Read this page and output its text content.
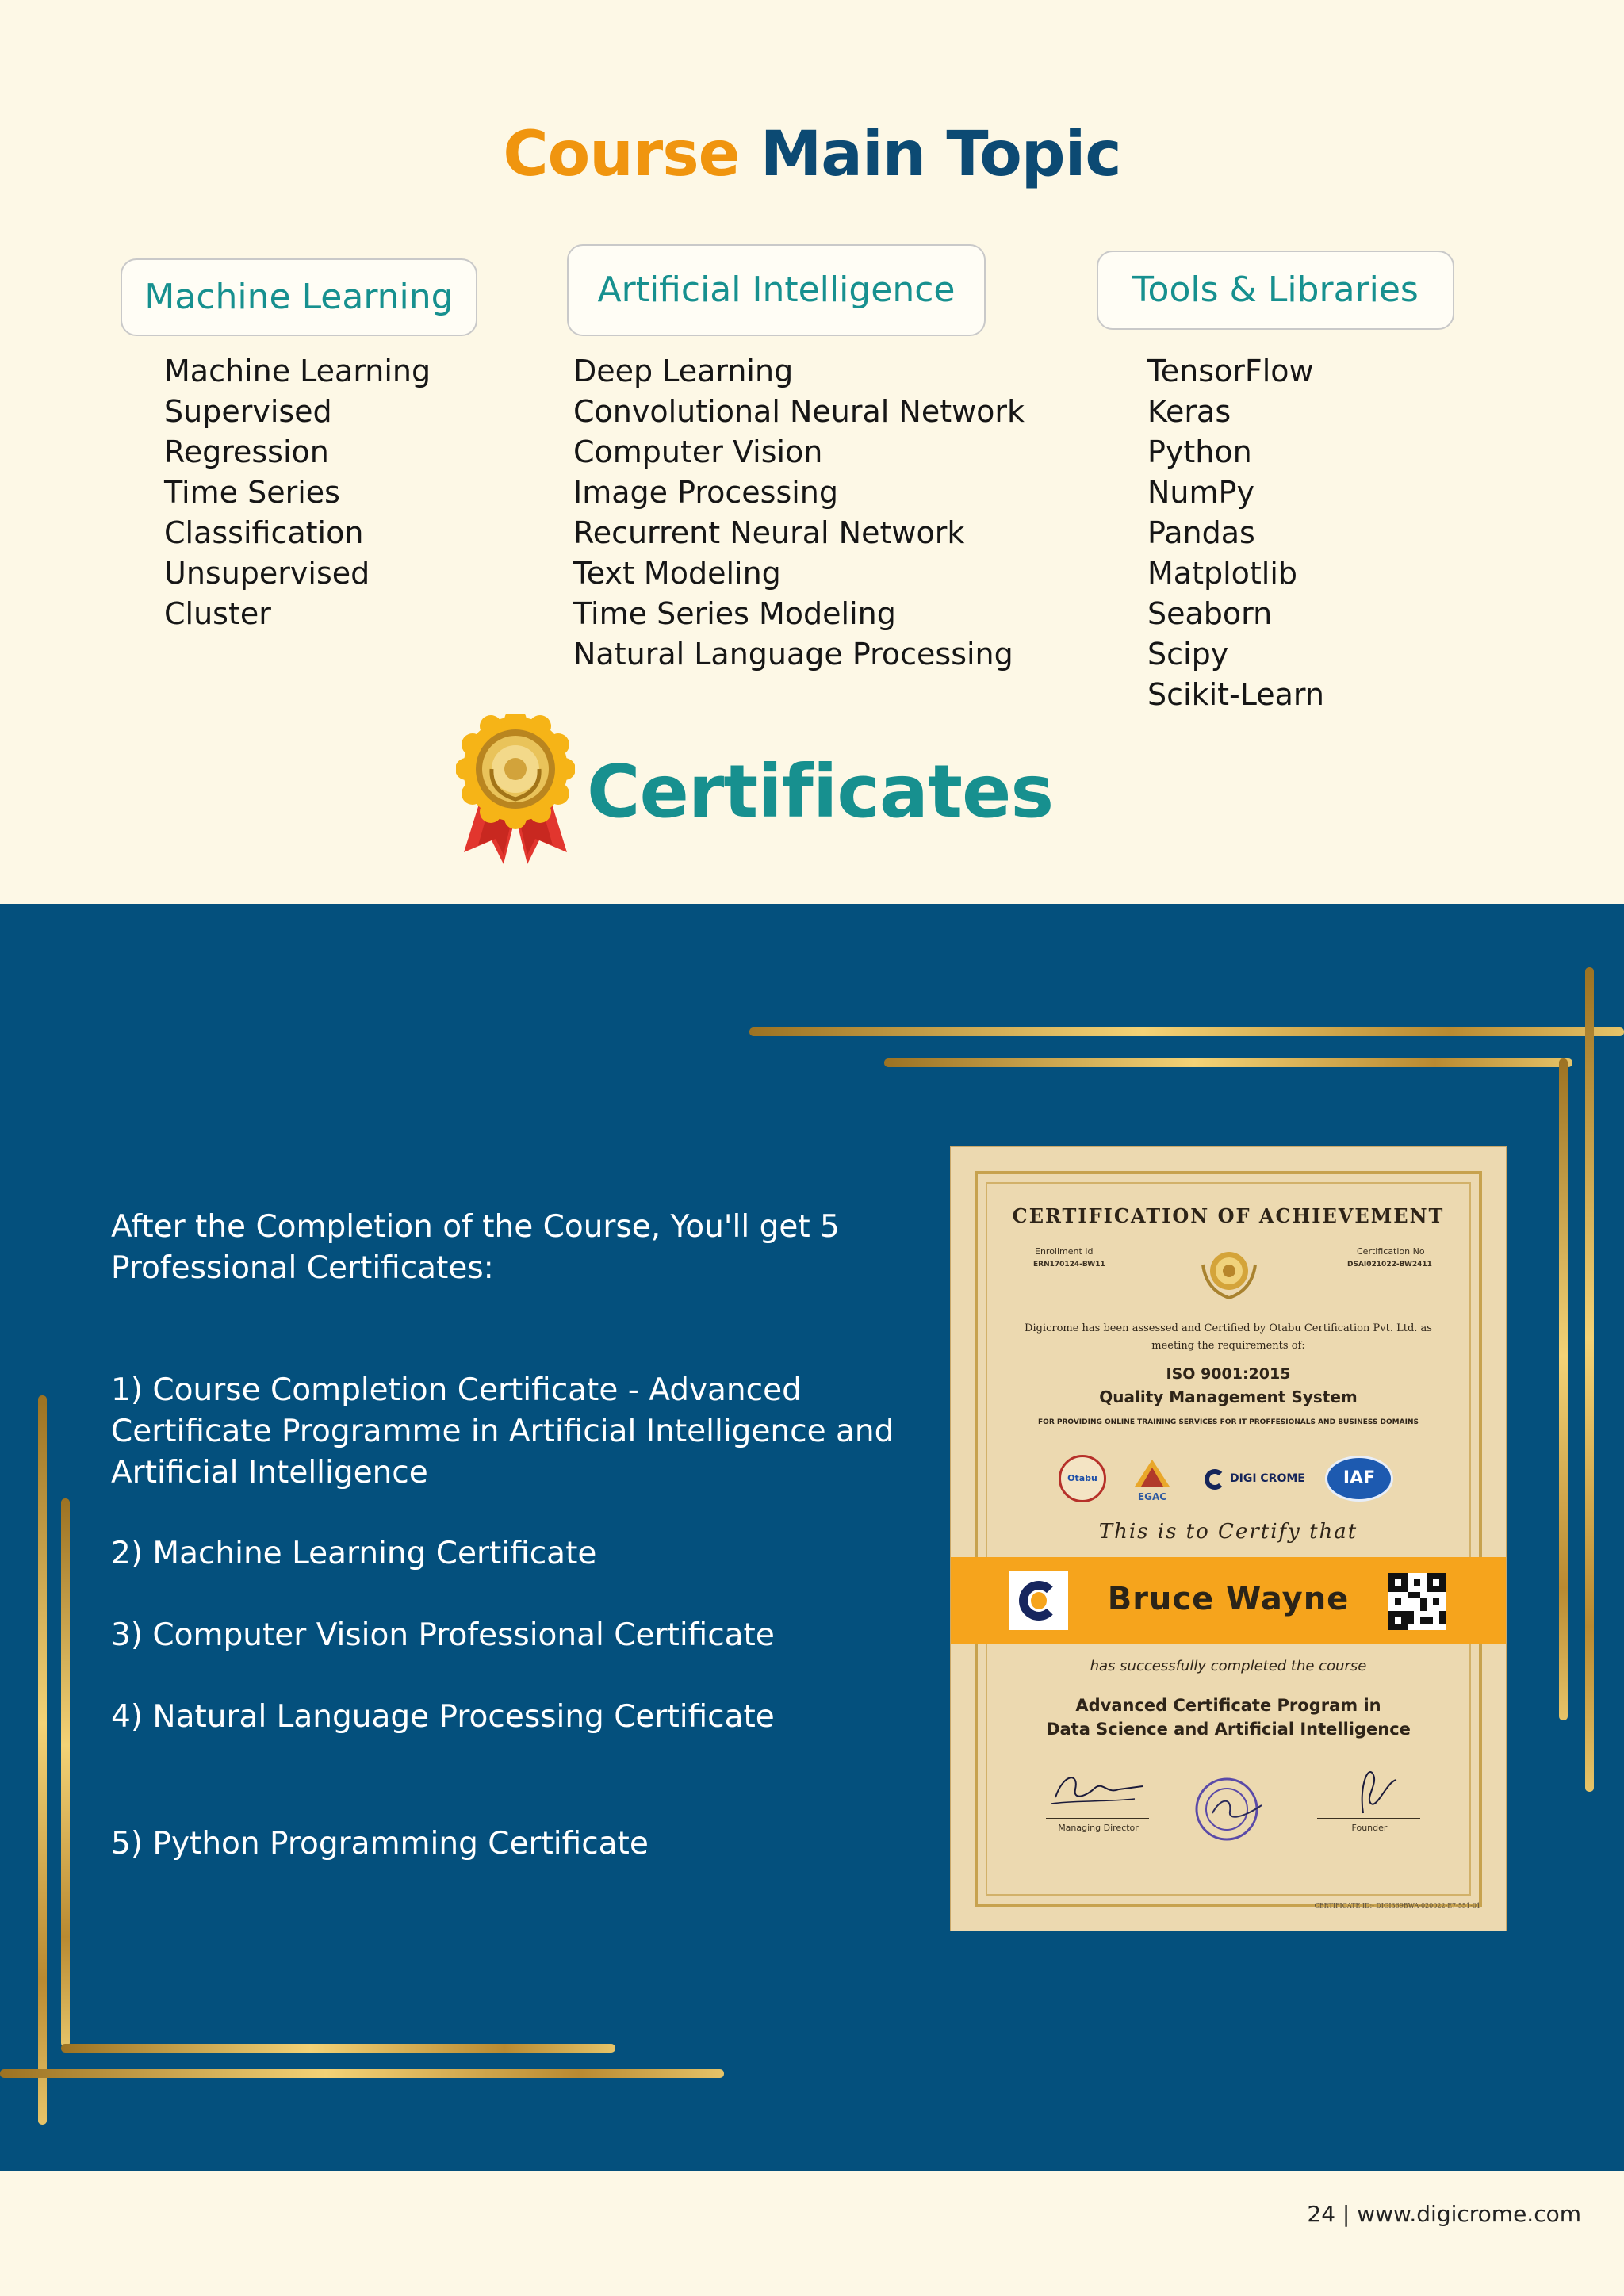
Course Main Topic
Machine Learning
Machine Learning
Supervised
Regression
Time Series
Classification
Unsupervised
Cluster
Artificial Intelligence
Deep Learning
Convolutional Neural Network
Computer Vision
Image Processing
Recurrent Neural Network
Text Modeling
Time Series Modeling
Natural Language Processing
Tools & Libraries
TensorFlow
Keras
Python
NumPy
Pandas
Matplotlib
Seaborn
Scipy
Scikit-Learn
Certificates
After the Completion of the Course, You'll get 5 Professional Certificates:
1) Course Completion Certificate - Advanced Certificate Programme in Artificial Intelligence and Artificial Intelligence
2) Machine Learning Certificate
3) Computer Vision Professional Certificate
4) Natural Language Processing Certificate
5) Python Programming Certificate
CERTIFICATION OF ACHIEVEMENT
Enrollment Id
ERN170124-BW11
Certification No
DSAI021022-BW2411
Digicrome has been assessed and Certified by Otabu Certification Pvt. Ltd. as meeting the requirements of:
ISO 9001:2015
Quality Management System
FOR PROVIDING ONLINE TRAINING SERVICES FOR IT PROFFESIONALS AND BUSINESS DOMAINS
Otabu
EGAC
DIGI CROME	IAF
This is to Certify that
Bruce Wayne
has successfully completed the course
Advanced Certificate Program in
Data Science and Artificial Intelligence
Managing Director	Founder
CERTIFICATE ID:- DIGI369BWA-020022-E7-551-01
24 | www.digicrome.com
